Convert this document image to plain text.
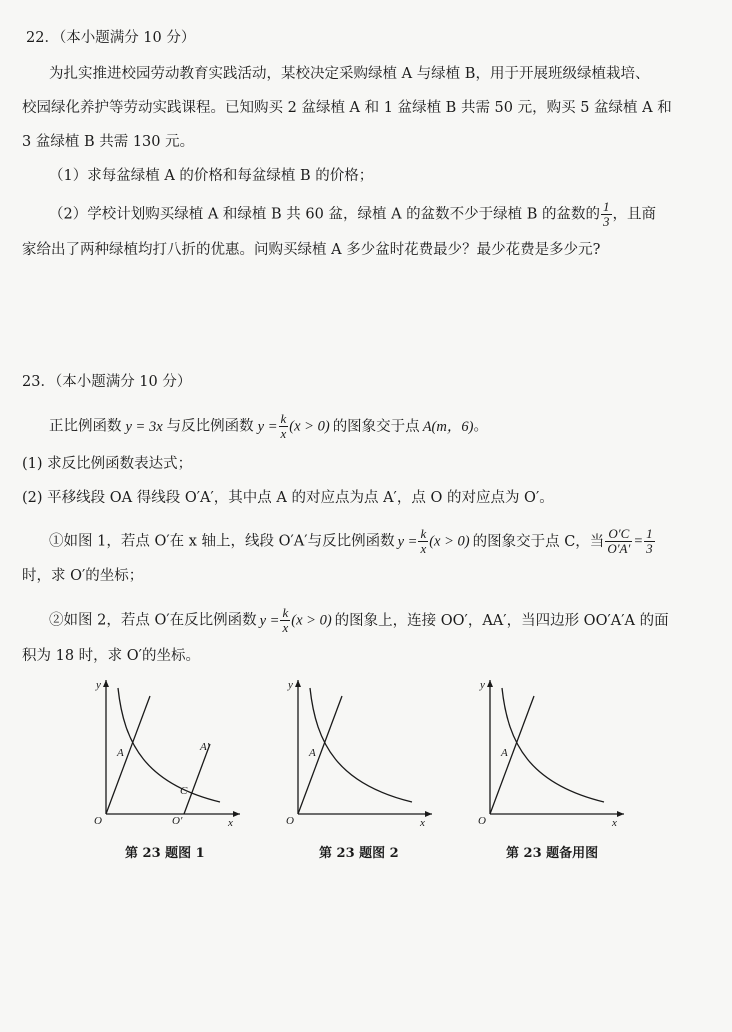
22．（本小题满分 10 分）
为扎实推进校园劳动教育实践活动，某校决定采购绿植 A 与绿植 B，用于开展班级绿植栽培、
校园绿化养护等劳动实践课程。已知购买 2 盆绿植 A 和 1 盆绿植 B 共需 50 元，购买 5 盆绿植 A 和
3 盆绿植 B 共需 130 元。
（1）求每盆绿植 A 的价格和每盆绿植 B 的价格；
（2）学校计划购买绿植 A 和绿植 B 共 60 盆，绿植 A 的盆数不少于绿植 B 的盆数的 $\frac{1}{3}$ ，且商
家给出了两种绿植均打八折的优惠。问购买绿植 A 多少盆时花费最少？最少花费是多少元?
23．（本小题满分 10 分）
正比例函数 y = 3x 与反比例函数 $y = \frac{k}{x} (x > 0)$ 的图象交于点 A(m，6)。
(1) 求反比例函数表达式；
(2) 平移线段 OA 得线段 O′A′，其中点 A 的对应点为点 A′，点 O 的对应点为 O′。
①如图 1，若点 O′在 x 轴上，线段 O′A′与反比例函数 $y = \frac{k}{x} (x > 0)$ 的图象交于点 C，当 $\frac{O'C}{O'A'} = \frac{1}{3}$
时，求 O′的坐标；
②如图 2，若点 O′在反比例函数 $y = \frac{k}{x} (x > 0)$ 的图象上，连接 OO′，AA′，当四边形 OO′A′A 的面
积为 18 时，求 O′的坐标。
y
x
O
A	A′
C
O′
第 23 题图 1
y
x
O
A
第 23 题图 2
y
x
O
A
第 23 题备用图
